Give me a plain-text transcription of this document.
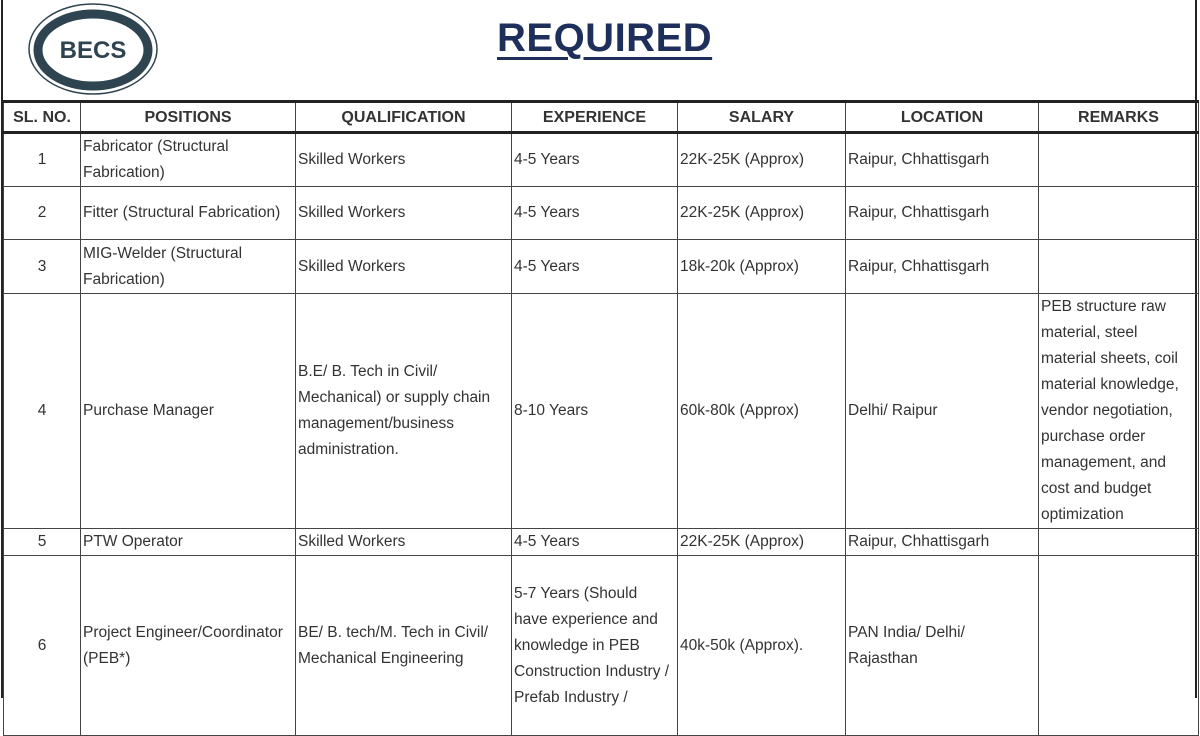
BECS	REQUIRED
SL. NO.	POSITIONS	QUALIFICATION	EXPERIENCE	SALARY	LOCATION	REMARKS
1	Fabricator (Structural Fabrication)	Skilled Workers	4-5 Years	22K-25K (Approx)	Raipur, Chhattisgarh	
2	Fitter (Structural Fabrication)	Skilled Workers	4-5 Years	22K-25K (Approx)	Raipur, Chhattisgarh	
3	MIG-Welder (Structural Fabrication)	Skilled Workers	4-5 Years	18k-20k (Approx)	Raipur, Chhattisgarh	
4	Purchase Manager	B.E/ B. Tech in Civil/ Mechanical) or supply chain management/business administration.	8-10 Years	60k-80k (Approx)	Delhi/ Raipur	PEB structure raw material, steel material sheets, coil material knowledge, vendor negotiation, purchase order management, and cost and budget optimization
5	PTW Operator	Skilled Workers	4-5 Years	22K-25K (Approx)	Raipur, Chhattisgarh	
6	Project Engineer/Coordinator (PEB*)	BE/ B. tech/M. Tech in Civil/ Mechanical Engineering	5-7 Years (Should have experience and knowledge in PEB Construction Industry / Prefab Industry /	40k-50k (Approx).	PAN India/ Delhi/ Rajasthan	
